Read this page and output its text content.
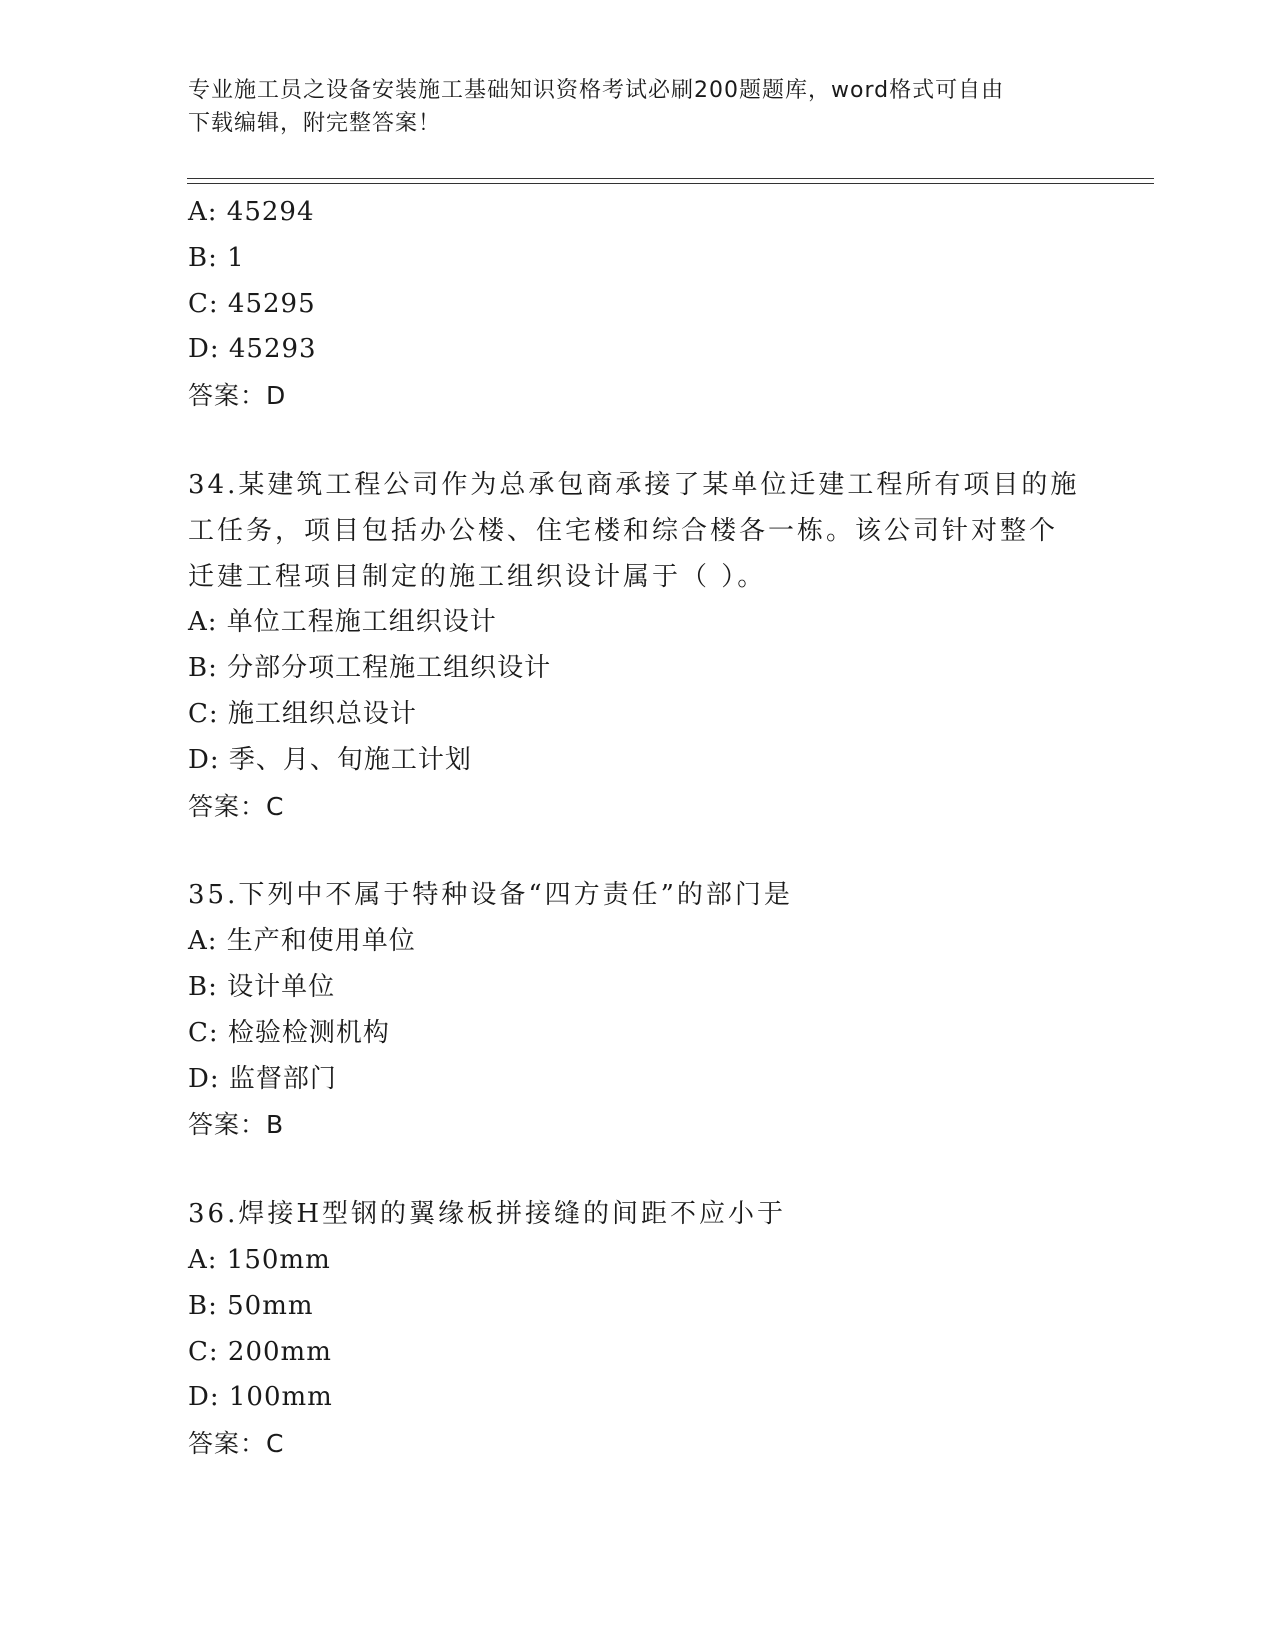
专业施工员之设备安装施工基础知识资格考试必刷200题题库，word格式可自由
下载编辑，附完整答案！
A: 45294
B: 1
C: 45295
D: 45293
答案：D
34.某建筑工程公司作为总承包商承接了某单位迁建工程所有项目的施
工任务，项目包括办公楼、住宅楼和综合楼各一栋。该公司针对整个
迁建工程项目制定的施工组织设计属于（ ）。
A: 单位工程施工组织设计
B: 分部分项工程施工组织设计
C: 施工组织总设计
D: 季、月、旬施工计划
答案：C
35.下列中不属于特种设备“四方责任”的部门是
A: 生产和使用单位
B: 设计单位
C: 检验检测机构
D: 监督部门
答案：B
36.焊接H型钢的翼缘板拼接缝的间距不应小于
A: 150mm
B: 50mm
C: 200mm
D: 100mm
答案：C
